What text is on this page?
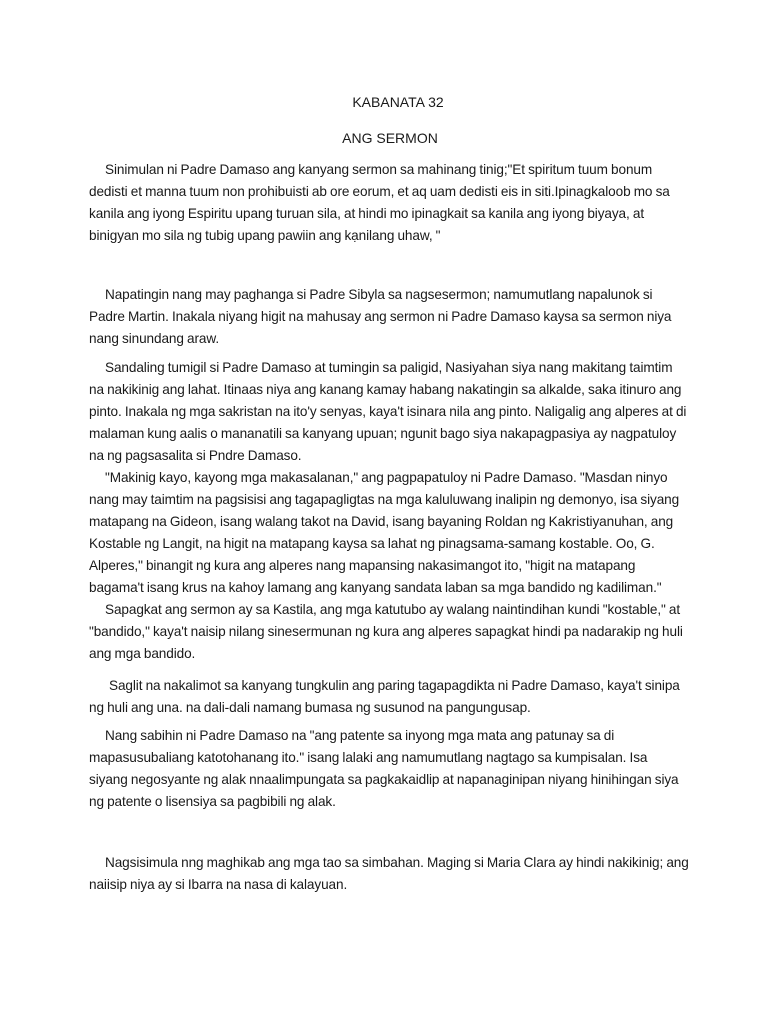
KABANATA 32
ANG SERMON

Sinimulan ni Padre Damaso ang kanyang sermon sa mahinang tinig;"Et spiritum tuum bonum dedisti et manna tuum non prohibuisti ab ore eorum, et aq uam dedisti eis in siti.Ipinagkaloob mo sa kanila ang iyong Espiritu upang turuan sila, at hindi mo ipinagkait sa kanila ang iyong biyaya, at binigyan mo sila ng tubig upang pawiin ang kạnilang uhaw, "

Napatingin nang may paghanga si Padre Sibyla sa nagsesermon; namumutlang napalunok si Padre Martin. Inakala niyang higit na mahusay ang sermon ni Padre Damaso kaysa sa sermon niya nang sinundang araw.

Sandaling tumigil si Padre Damaso at tumingin sa paligid, Nasiyahan siya nang makitang taimtim na nakikinig ang lahat. Itinaas niya ang kanang kamay habang nakatingin sa alkalde, saka itinuro ang pinto. Inakala ng mga sakristan na ito'y senyas, kaya't isinara nila ang pinto. Naligalig ang alperes at di malaman kung aalis o mananatili sa kanyang upuan; ngunit bago siya nakapagpasiya ay nagpatuloy na ng pagsasalita si Pndre Damaso.

"Makinig kayo, kayong mga makasalanan," ang pagpapatuloy ni Padre Damaso. "Masdan ninyo nang may taimtim na pagsisisi ang tagapagligtas na mga kaluluwang inalipin ng demonyo, isa siyang matapang na Gideon, isang walang takot na David, isang bayaning Roldan ng Kakristiyanuhan, ang Kostable ng Langit, na higit na matapang kaysa sa lahat ng pinagsama-samang kostable. Oo, G. Alperes," binangit ng kura ang alperes nang mapansing nakasimangot ito, "higit na matapang bagama't isang krus na kahoy lamang ang kanyang sandata laban sa mga bandido ng kadiliman."

Sapagkat ang sermon ay sa Kastila, ang mga katutubo ay walang naintindihan kundi "kostable," at "bandido," kaya't naisip nilang sinesermunan ng kura ang alperes sapagkat hindi pa nadarakip ng huli ang mga bandido.

Saglit na nakalimot sa kanyang tungkulin ang paring tagapagdikta ni Padre Damaso, kaya't sinipa ng huli ang una. na dali-dali namang bumasa ng susunod na pangungusap.

Nang sabihin ni Padre Damaso na "ang patente sa inyong mga mata ang patunay sa di mapasusubaliang katotohanang ito." isang lalaki ang namumutlang nagtago sa kumpisalan. Isa siyang negosyante ng alak nnaalimpungata sa pagkakaidlip at napanaginipan niyang hinihingan siya ng patente o lisensiya sa pagbibili ng alak.

Nagsisimula nng maghikab ang mga tao sa simbahan. Maging si Maria Clara ay hindi nakikinig; ang naiisip niya ay si Ibarra na nasa di kalayuan.
